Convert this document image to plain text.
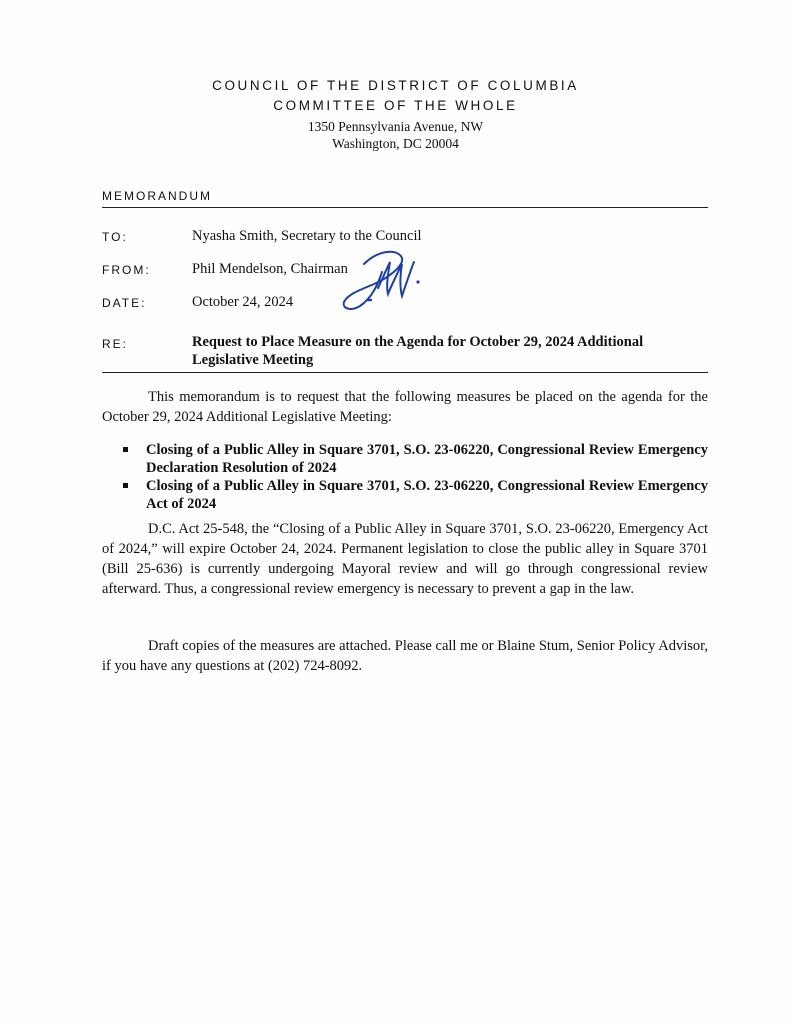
COUNCIL OF THE DISTRICT OF COLUMBIA
COMMITTEE OF THE WHOLE
1350 Pennsylvania Avenue, NW
Washington, DC 20004
MEMORANDUM
TO:	Nyasha Smith, Secretary to the Council
FROM:	Phil Mendelson, Chairman
DATE:	October 24, 2024
RE:	Request to Place Measure on the Agenda for October 29, 2024 Additional Legislative Meeting
This memorandum is to request that the following measures be placed on the agenda for the October 29, 2024 Additional Legislative Meeting:
Closing of a Public Alley in Square 3701, S.O. 23-06220, Congressional Review Emergency Declaration Resolution of 2024
Closing of a Public Alley in Square 3701, S.O. 23-06220, Congressional Review Emergency Act of 2024
D.C. Act 25-548, the “Closing of a Public Alley in Square 3701, S.O. 23-06220, Emergency Act of 2024,” will expire October 24, 2024. Permanent legislation to close the public alley in Square 3701 (Bill 25-636) is currently undergoing Mayoral review and will go through congressional review afterward. Thus, a congressional review emergency is necessary to prevent a gap in the law.
Draft copies of the measures are attached. Please call me or Blaine Stum, Senior Policy Advisor, if you have any questions at (202) 724-8092.
